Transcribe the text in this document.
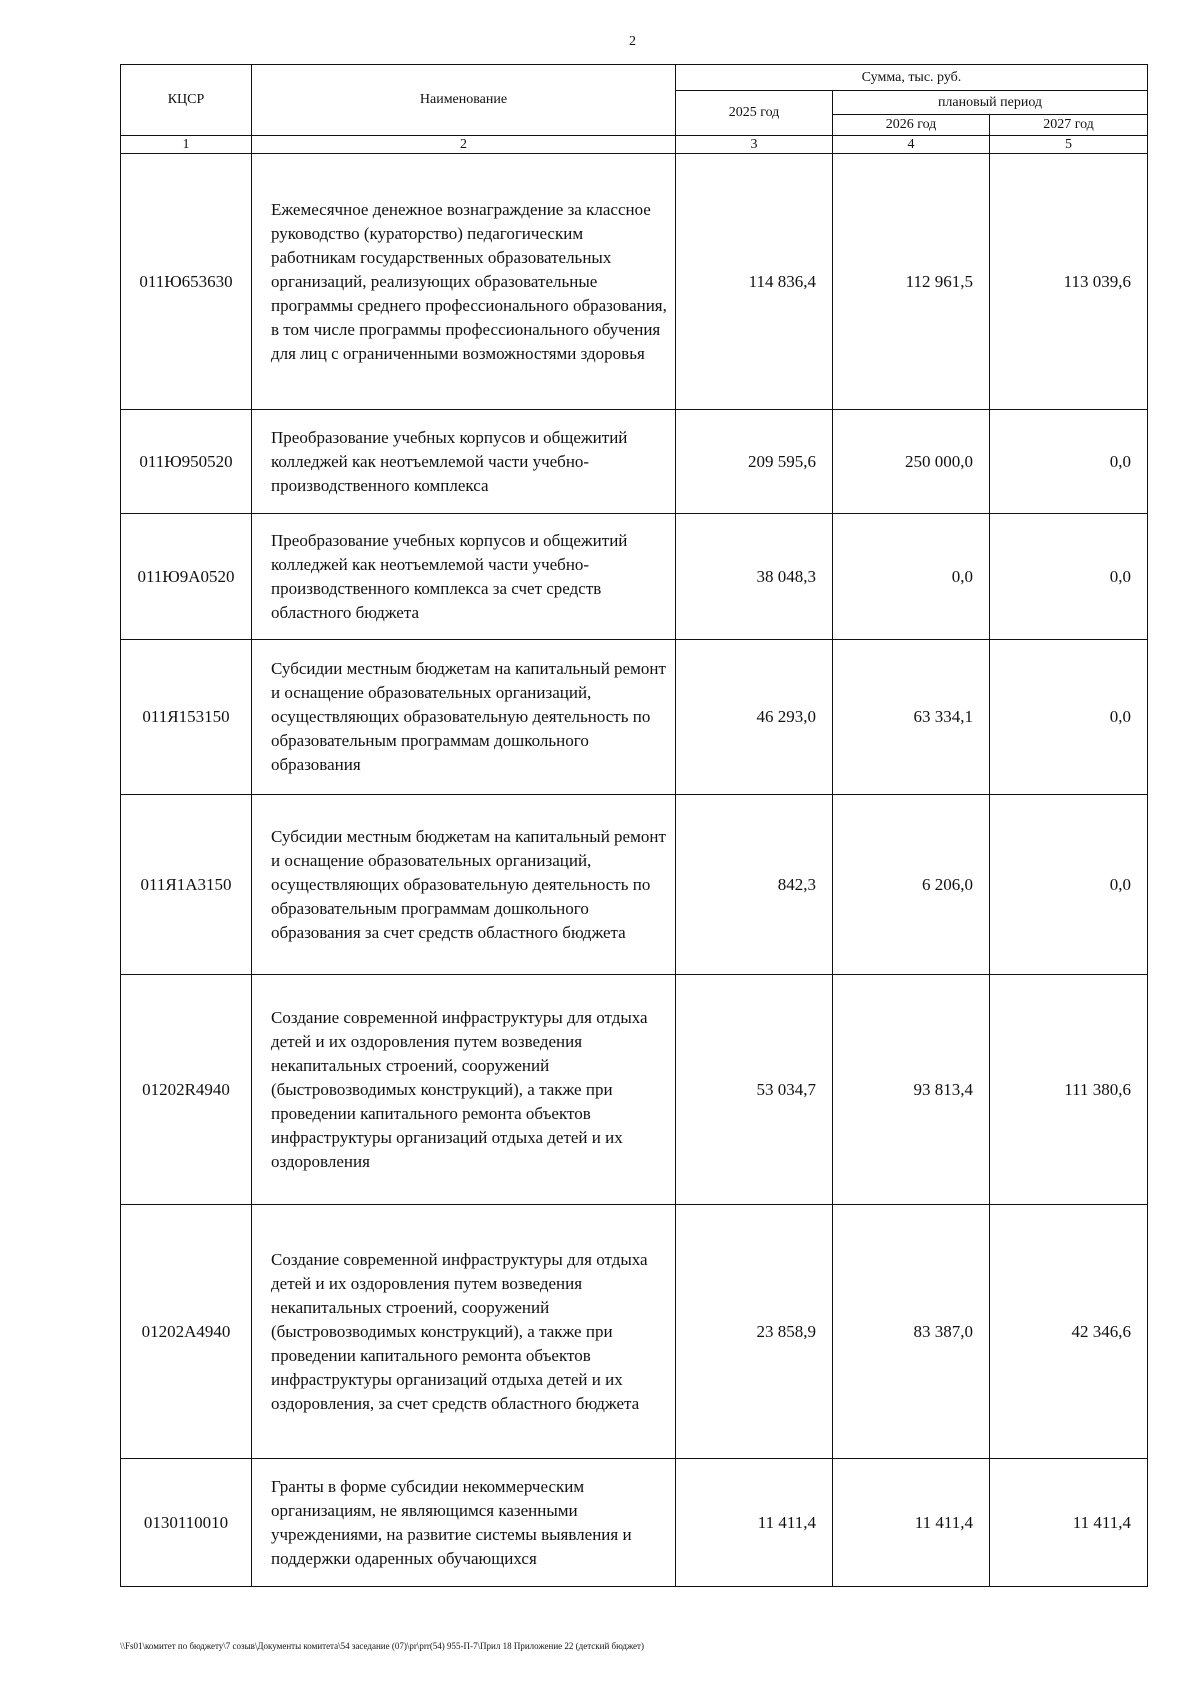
2
КЦСР	Наименование	Сумма, тыс. руб.		
		2025 год	плановый период	
			2026 год	2027 год
1	2	3	4	5
011Ю653630	Ежемесячное денежное вознаграждение за классное руководство (кураторство) педагогическим работникам государственных образовательных организаций, реализующих образовательные программы среднего профессионального образования, в том числе программы профессионального обучения для лиц с ограниченными возможностями здоровья	114 836,4	112 961,5	113 039,6
011Ю950520	Преобразование учебных корпусов и общежитий колледжей как неотъемлемой части учебно-производственного комплекса	209 595,6	250 000,0	0,0
011Ю9А0520	Преобразование учебных корпусов и общежитий колледжей как неотъемлемой части учебно-производственного комплекса за счет средств областного бюджета	38 048,3	0,0	0,0
011Я153150	Субсидии местным бюджетам на капитальный ремонт и оснащение образовательных организаций, осуществляющих образовательную деятельность по образовательным программам дошкольного образования	46 293,0	63 334,1	0,0
011Я1А3150	Субсидии местным бюджетам на капитальный ремонт и оснащение образовательных организаций, осуществляющих образовательную деятельность по образовательным программам дошкольного образования за счет средств областного бюджета	842,3	6 206,0	0,0
01202R4940	Создание современной инфраструктуры для отдыха детей и их оздоровления путем возведения некапитальных строений, сооружений (быстровозводимых конструкций), а также при проведении капитального ремонта объектов инфраструктуры организаций отдыха детей и их оздоровления	53 034,7	93 813,4	111 380,6
01202А4940	Создание современной инфраструктуры для отдыха детей и их оздоровления путем возведения некапитальных строений, сооружений (быстровозводимых конструкций), а также при проведении капитального ремонта объектов инфраструктуры организаций отдыха детей и их оздоровления, за счет средств областного бюджета	23 858,9	83 387,0	42 346,6
0130110010	Гранты в форме субсидии некоммерческим организациям, не являющимся казенными учреждениями, на развитие системы выявления и поддержки одаренных обучающихся	11 411,4	11 411,4	11 411,4
\\Fs01\комитет по бюджету\7 созыв\Документы комитета\54 заседание (07)\pr\prr(54) 955-П-7\Прил 18 Приложение 22 (детский бюджет)
